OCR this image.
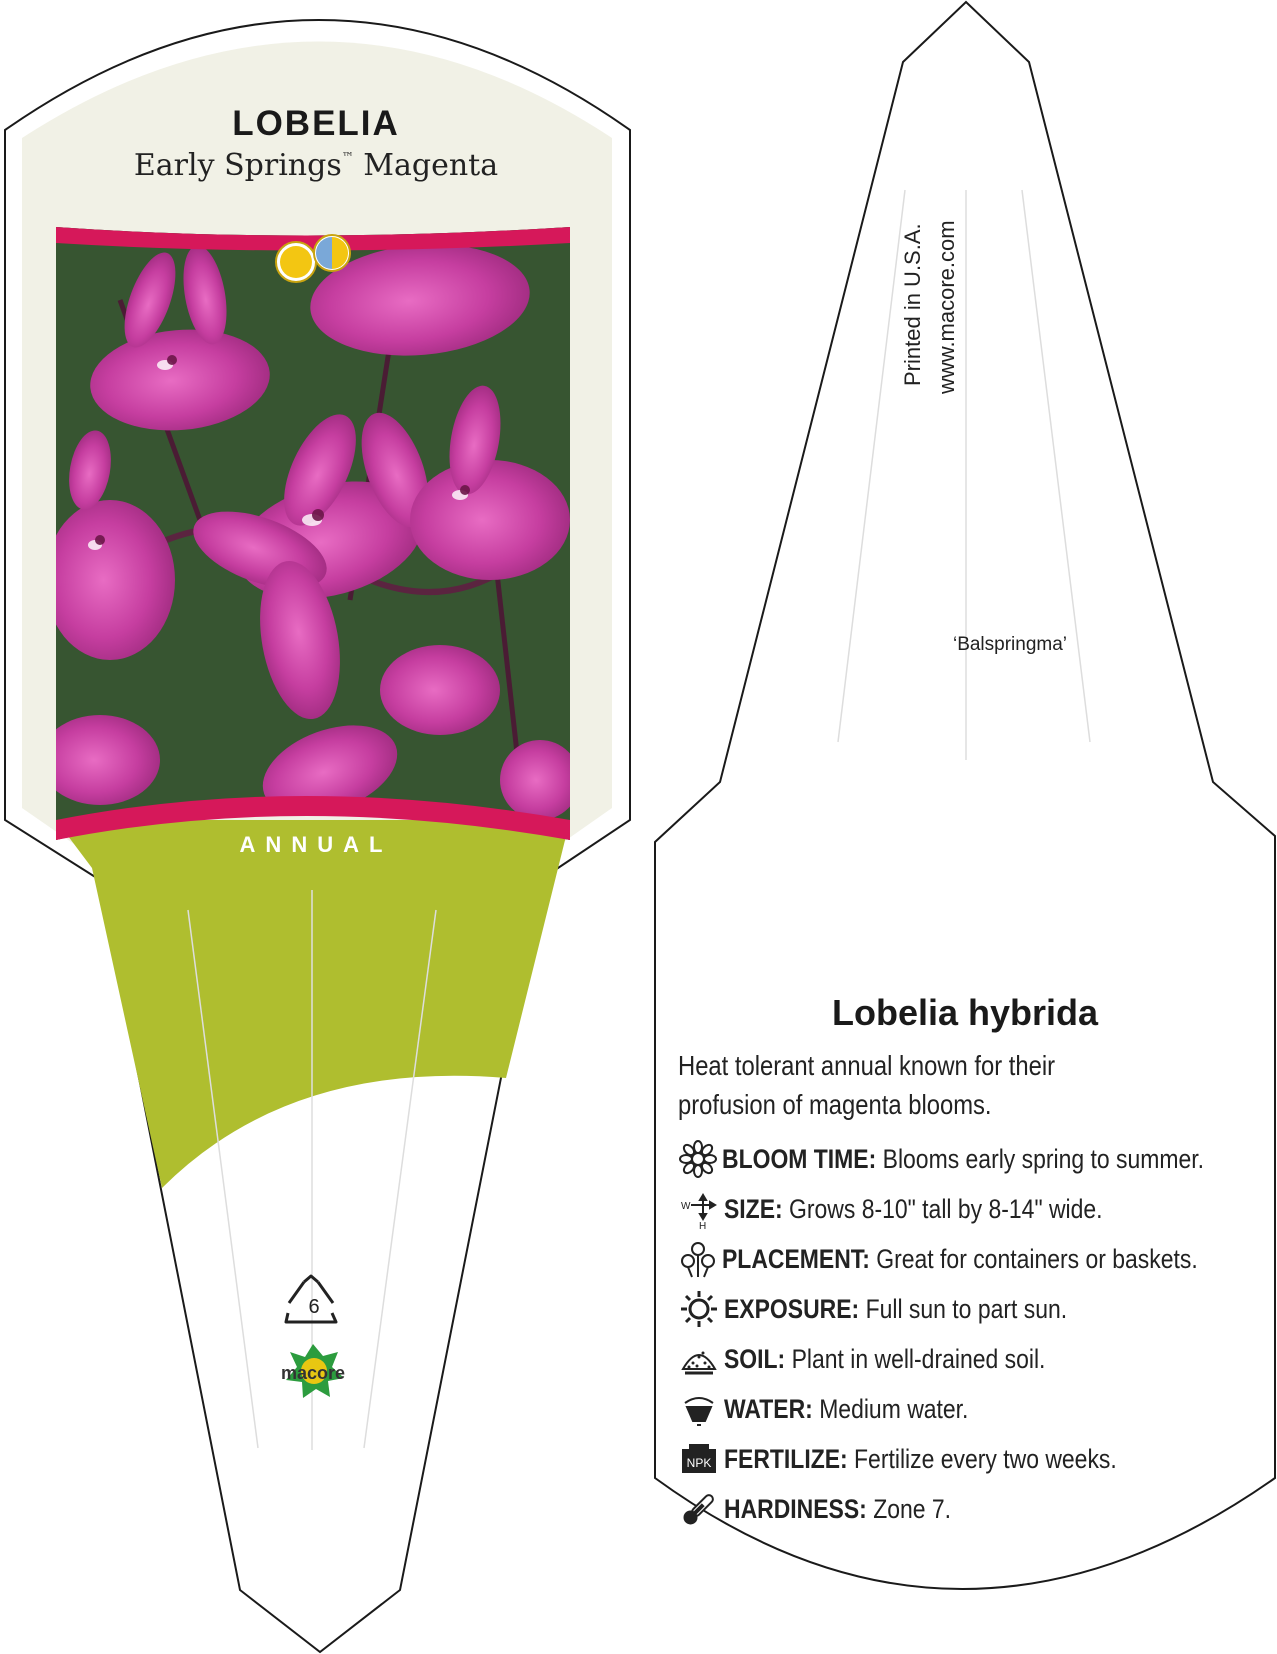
LOBELIA
Early Springs™ Magenta
ANNUAL
6
macore
Printed in U.S.A. www.macore.com
‘Balspringma’
Lobelia hybrida
Heat tolerant annual known for their profusion of magenta blooms.
BLOOM TIME: Blooms early spring to summer.
W
H
SIZE: Grows 8-10" tall by 8-14" wide.
PLACEMENT: Great for containers or baskets.
EXPOSURE: Full sun to part sun.
SOIL: Plant in well-drained soil.
WATER: Medium water.
NPK FERTILIZE: Fertilize every two weeks.
HARDINESS: Zone 7.
